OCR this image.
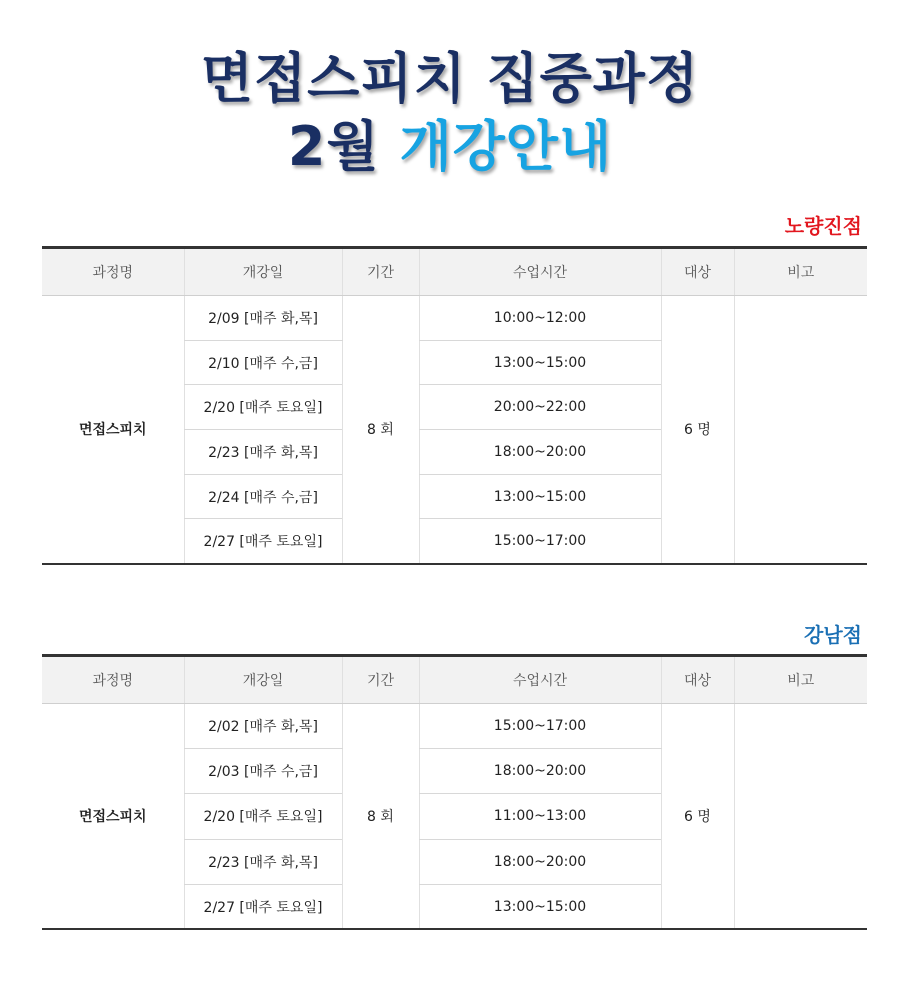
면접스피치 집중과정
2월 개강안내
노량진점
강남점
과정명	개강일	기간	수업시간	대상	비고
면접스피치	2/09 [매주 화,목]	8 회	10:00~12:00	6 명	
	2/10 [매주 수,금]		13:00~15:00		
	2/20 [매주 토요일]		20:00~22:00		
	2/23 [매주 화,목]		18:00~20:00		
	2/24 [매주 수,금]		13:00~15:00		
	2/27 [매주 토요일]		15:00~17:00		
과정명	개강일	기간	수업시간	대상	비고
면접스피치	2/02 [매주 화,목]	8 회	15:00~17:00	6 명	
	2/03 [매주 수,금]		18:00~20:00		
	2/20 [매주 토요일]		11:00~13:00		
	2/23 [매주 화,목]		18:00~20:00		
	2/27 [매주 토요일]		13:00~15:00		
